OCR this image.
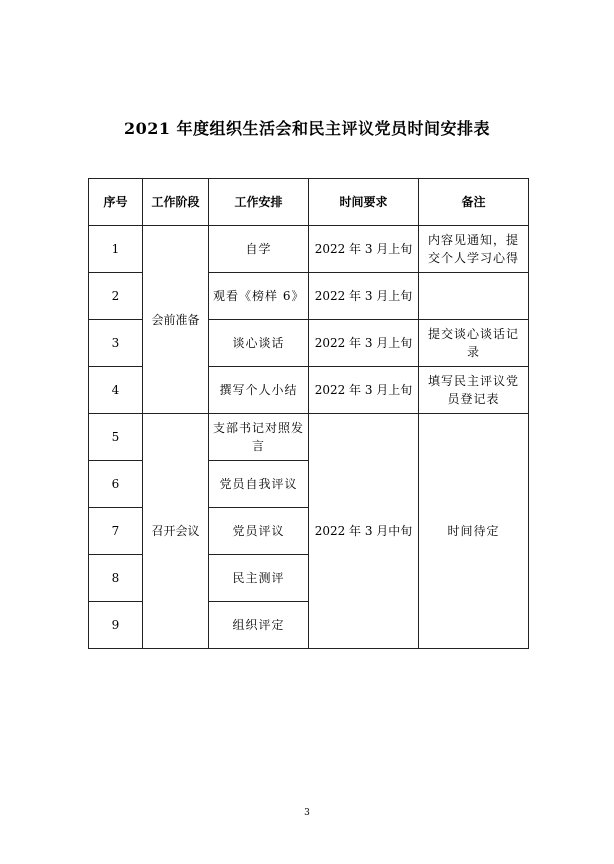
2021 年度组织生活会和民主评议党员时间安排表
序号	工作阶段	工作安排	时间要求	备注
1	会前准备	自学	2022 年 3 月上旬	内容见通知，提交个人学习心得
2		观看《榜样 6》	2022 年 3 月上旬	
3		谈心谈话	2022 年 3 月上旬	提交谈心谈话记录
4		撰写个人小结	2022 年 3 月上旬	填写民主评议党员登记表
5	召开会议	支部书记对照发言	2022 年 3 月中旬	时间待定
6		党员自我评议		
7		党员评议		
8		民主测评		
9		组织评定		
3
